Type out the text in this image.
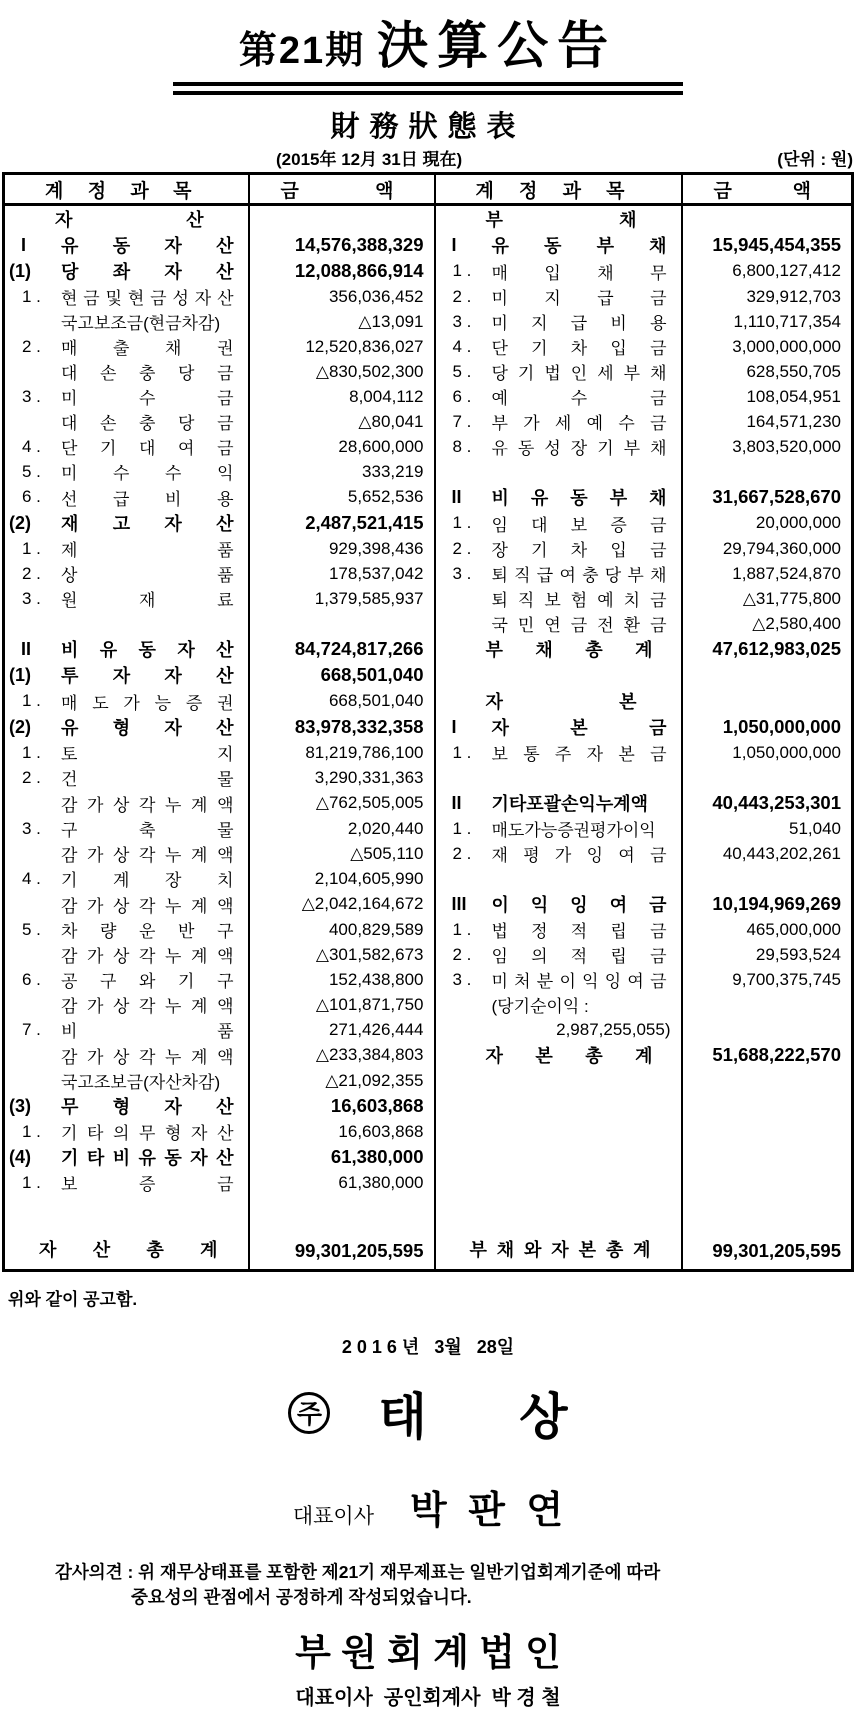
第21期 決算公告
財務狀態表
(2015年 12月 31日 現在)	(단위 : 원)
계 정 과 목	금 액	계 정 과 목	금 액

자 산		부 채	

I 유 동 자 산	14,576,388,329	I 유 동 부 채	15,945,454,355

(1) 당 좌 자 산	12,088,866,914	1 . 매 입 채 무	6,800,127,412

1 . 현 금 및 현 금 성 자 산	356,036,452	2 . 미 지 급 금	329,912,703

국고보조금(현금차감)	△13,091	3 . 미 지 급 비 용	1,110,717,354

2 . 매 출 채 권	12,520,836,027	4 . 단 기 차 입 금	3,000,000,000

대 손 충 당 금	△830,502,300	5 . 당 기 법 인 세 부 채	628,550,705

3 . 미 수 금	8,004,112	6 . 예 수 금	108,054,951

대 손 충 당 금	△80,041	7 . 부 가 세 예 수 금	164,571,230

4 . 단 기 대 여 금	28,600,000	8 . 유 동 성 장 기 부 채	3,803,520,000

5 . 미 수 수 익	333,219		

6 . 선 급 비 용	5,652,536	II 비 유 동 부 채	31,667,528,670

(2) 재 고 자 산	2,487,521,415	1 . 임 대 보 증 금	20,000,000

1 . 제 품	929,398,436	2 . 장 기 차 입 금	29,794,360,000

2 . 상 품	178,537,042	3 . 퇴 직 급 여 충 당 부 채	1,887,524,870

3 . 원 재 료	1,379,585,937	퇴 직 보 험 예 치 금	△31,775,800

		국 민 연 금 전 환 금	△2,580,400

II 비 유 동 자 산	84,724,817,266	부 채 총 계	47,612,983,025

(1) 투 자 자 산	668,501,040		

1 . 매 도 가 능 증 권	668,501,040	자 본	

(2) 유 형 자 산	83,978,332,358	I 자 본 금	1,050,000,000

1 . 토 지	81,219,786,100	1 . 보 통 주 자 본 금	1,050,000,000

2 . 건 물	3,290,331,363		

감 가 상 각 누 계 액	△762,505,005	II 기타포괄손익누계액	40,443,253,301

3 . 구 축 물	2,020,440	1 . 매도가능증권평가이익	51,040

감 가 상 각 누 계 액	△505,110	2 . 재 평 가 잉 여 금	40,443,202,261

4 . 기 계 장 치	2,104,605,990		

감 가 상 각 누 계 액	△2,042,164,672	III 이 익 잉 여 금	10,194,969,269

5 . 차 량 운 반 구	400,829,589	1 . 법 정 적 립 금	465,000,000

감 가 상 각 누 계 액	△301,582,673	2 . 임 의 적 립 금	29,593,524

6 . 공 구 와 기 구	152,438,800	3 . 미 처 분 이 익 잉 여 금	9,700,375,745

감 가 상 각 누 계 액	△101,871,750	(당기순이익 :	

7 . 비 품	271,426,444	2,987,255,055)	

감 가 상 각 누 계 액	△233,384,803	자 본 총 계	51,688,222,570

국고조보금(자산차감)	△21,092,355		

(3) 무 형 자 산	16,603,868		

1 . 기 타 의 무 형 자 산	16,603,868		

(4) 기 타 비 유 동 자 산	61,380,000		

1 . 보 증 금	61,380,000		

자 산 총 계	99,301,205,595	부 채 와 자 본 총 계	99,301,205,595
위와 같이 공고함.
2 0 1 6 년   3월   28일
주 태 상
대표이사 박 판 연
감사의견 : 위 재무상태표를 포함한 제21기 재무제표는 일반기업회계기준에 따라
중요성의 관점에서 공정하게 작성되었습니다.
부 원 회 계 법 인
대표이사  공인회계사  박 경 철
